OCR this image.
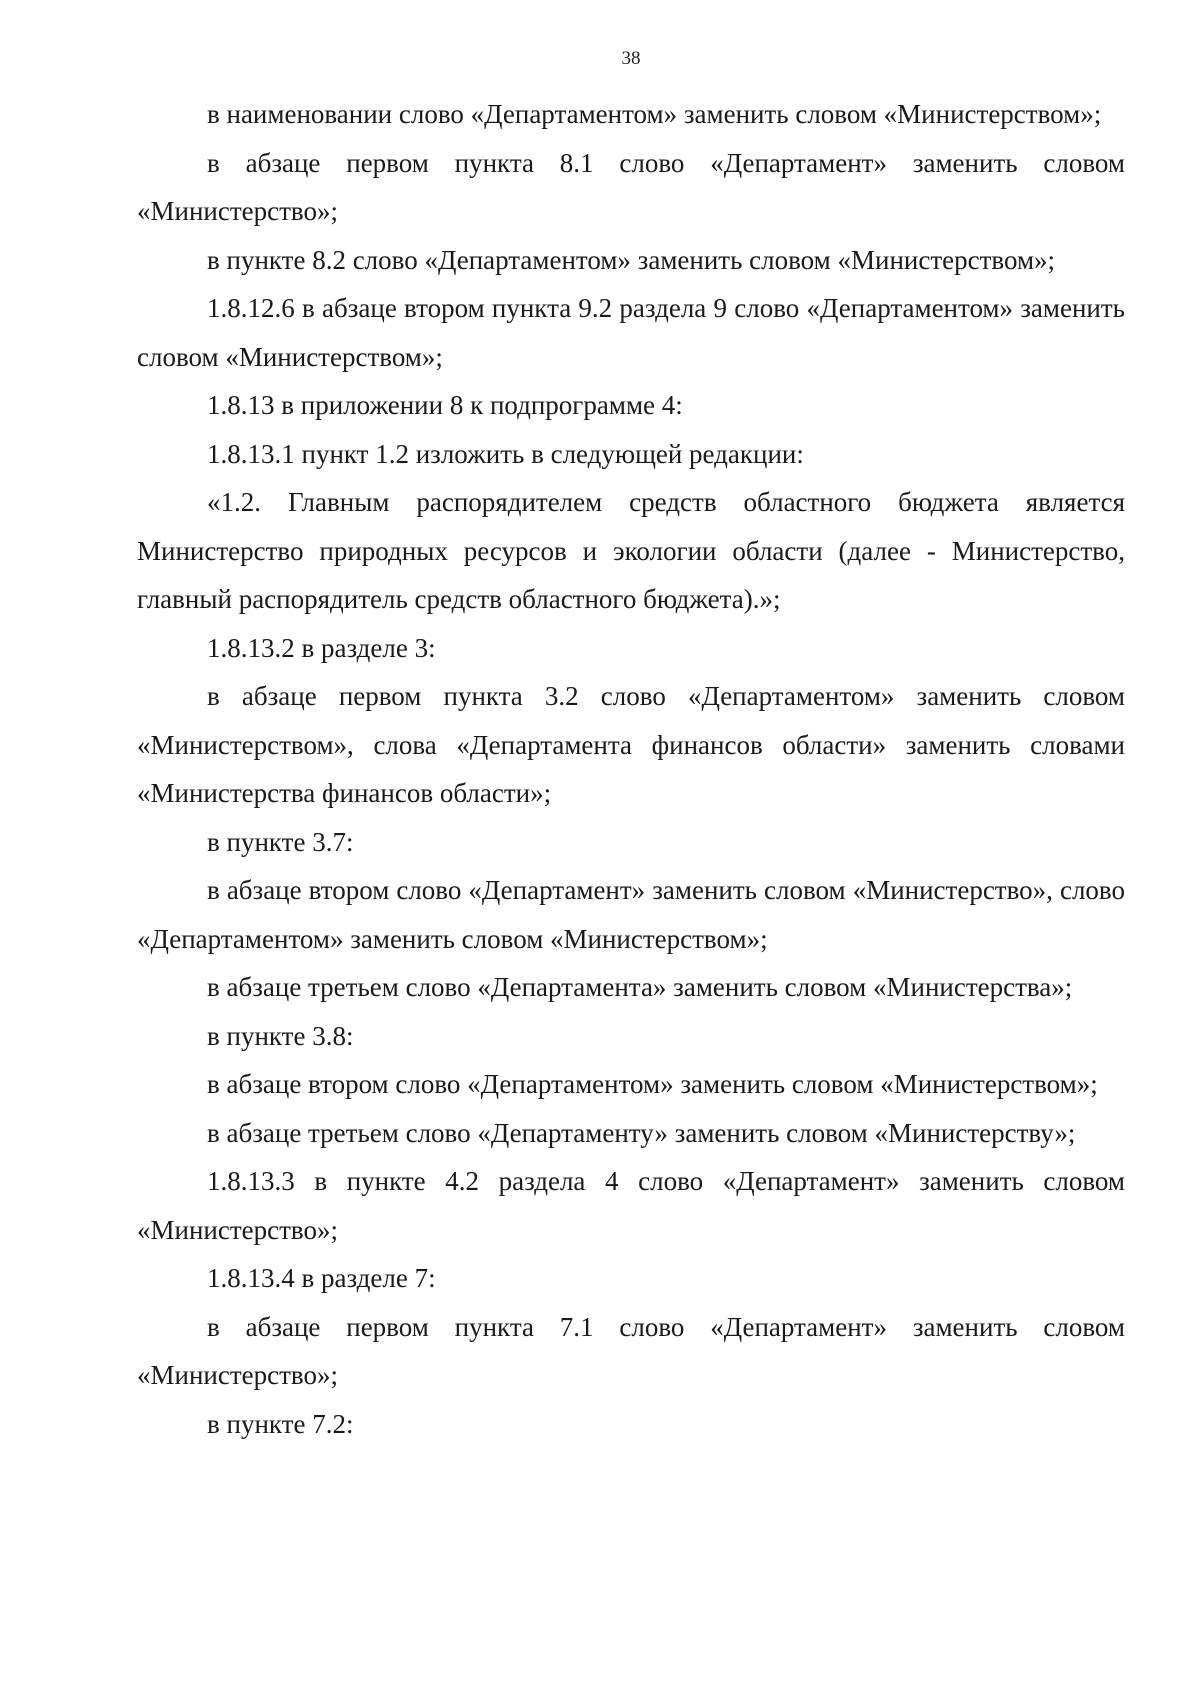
38

в наименовании слово «Департаментом» заменить словом «Министерством»;

в абзаце первом пункта 8.1 слово «Департамент» заменить словом «Министерство»;

в пункте 8.2 слово «Департаментом» заменить словом «Министерством»;

1.8.12.6 в абзаце втором пункта 9.2 раздела 9 слово «Департаментом» заменить словом «Министерством»;

1.8.13 в приложении 8 к подпрограмме 4:

1.8.13.1 пункт 1.2 изложить в следующей редакции:

«1.2. Главным распорядителем средств областного бюджета является Министерство природных ресурсов и экологии области (далее - Министерство, главный распорядитель средств областного бюджета).»;

1.8.13.2 в разделе 3:

в абзаце первом пункта 3.2 слово «Департаментом» заменить словом «Министерством», слова «Департамента финансов области» заменить словами «Министерства финансов области»;

в пункте 3.7:

в абзаце втором слово «Департамент» заменить словом «Министерство», слово «Департаментом» заменить словом «Министерством»;

в абзаце третьем слово «Департамента» заменить словом «Министерства»;

в пункте 3.8:

в абзаце втором слово «Департаментом» заменить словом «Министерством»;

в абзаце третьем слово «Департаменту» заменить словом «Министерству»;

1.8.13.3 в пункте 4.2 раздела 4 слово «Департамент» заменить словом «Министерство»;

1.8.13.4 в разделе 7:

в абзаце первом пункта 7.1 слово «Департамент» заменить словом «Министерство»;

в пункте 7.2:
